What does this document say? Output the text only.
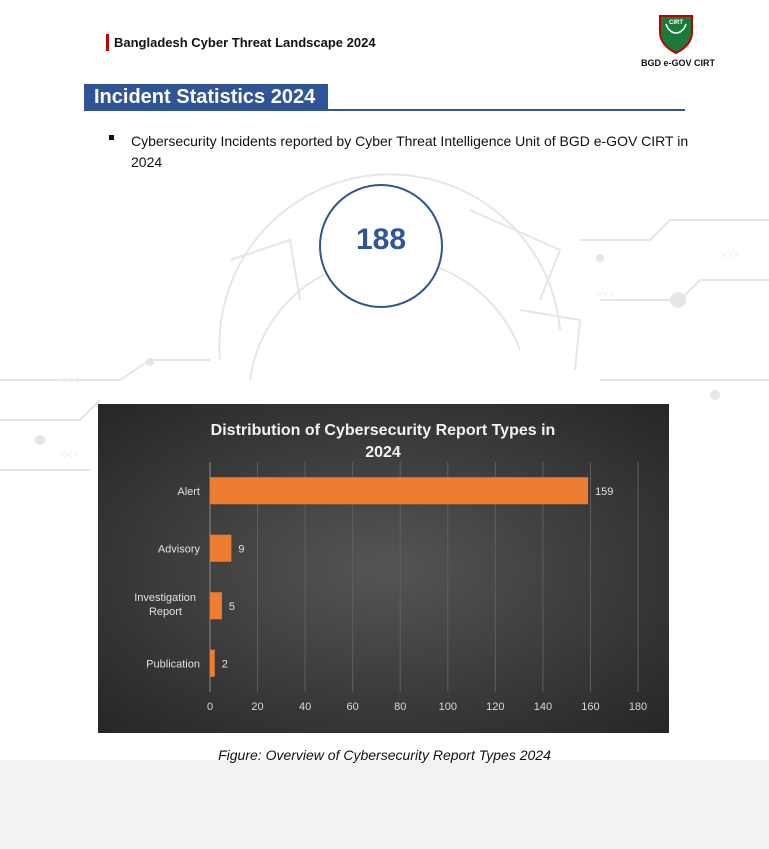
<<<
<<<
>>>
>>>
Bangladesh Cyber Threat Landscape 2024
CIRT
BGD e-GOV CIRT
Incident Statistics 2024
Cybersecurity Incidents reported by Cyber Threat Intelligence Unit of BGD e-GOV CIRT in 2024
188
Distribution of Cybersecurity Report Types in 2024
0	20	40	60	80	100	120	140	160	180
159
Alert
9
Advisory
5
Investigation Report
2
Publication
Figure: Overview of Cybersecurity Report Types 2024
